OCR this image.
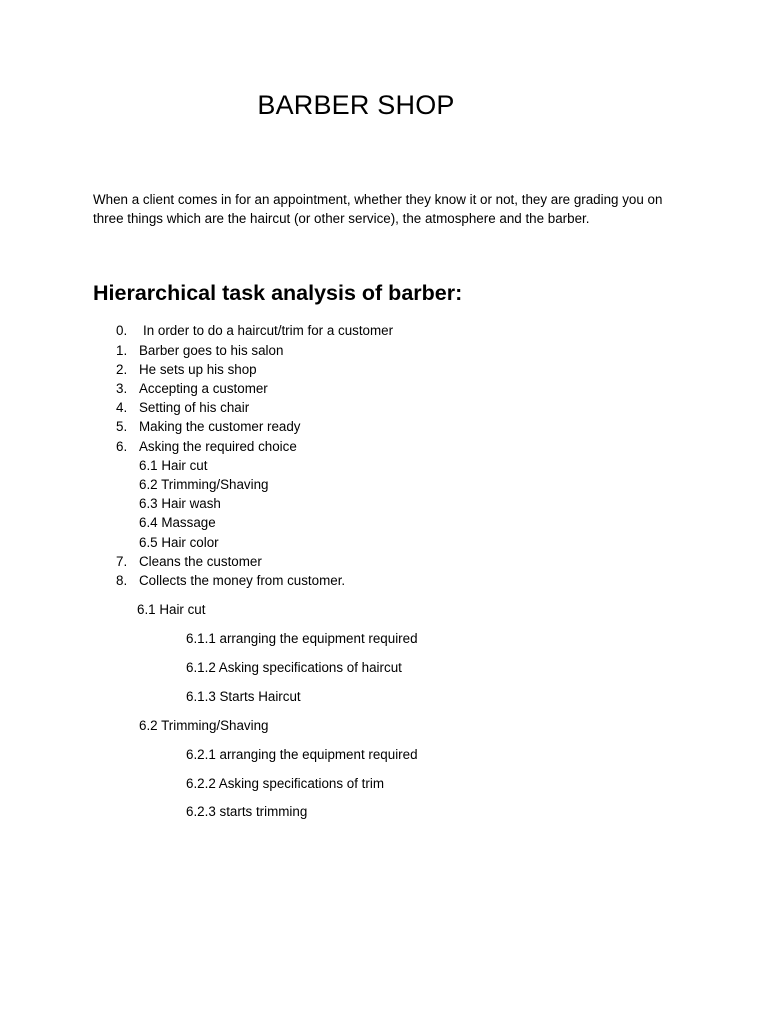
BARBER SHOP
When a client comes in for an appointment, whether they know it or not, they are grading you on three things which are the haircut (or other service), the atmosphere and the barber.
Hierarchical task analysis of barber:
0. In order to do a haircut/trim for a customer
1. Barber goes to his salon
2. He sets up his shop
3. Accepting a customer
4. Setting of his chair
5. Making the customer ready
6. Asking the required choice
6.1 Hair cut
6.2 Trimming/Shaving
6.3 Hair wash
6.4 Massage
6.5 Hair color
7. Cleans the customer
8. Collects the money from customer.
6.1 Hair cut
6.1.1 arranging the equipment required
6.1.2 Asking specifications of haircut
6.1.3 Starts Haircut
6.2 Trimming/Shaving
6.2.1 arranging the equipment required
6.2.2 Asking specifications of trim
6.2.3 starts trimming
